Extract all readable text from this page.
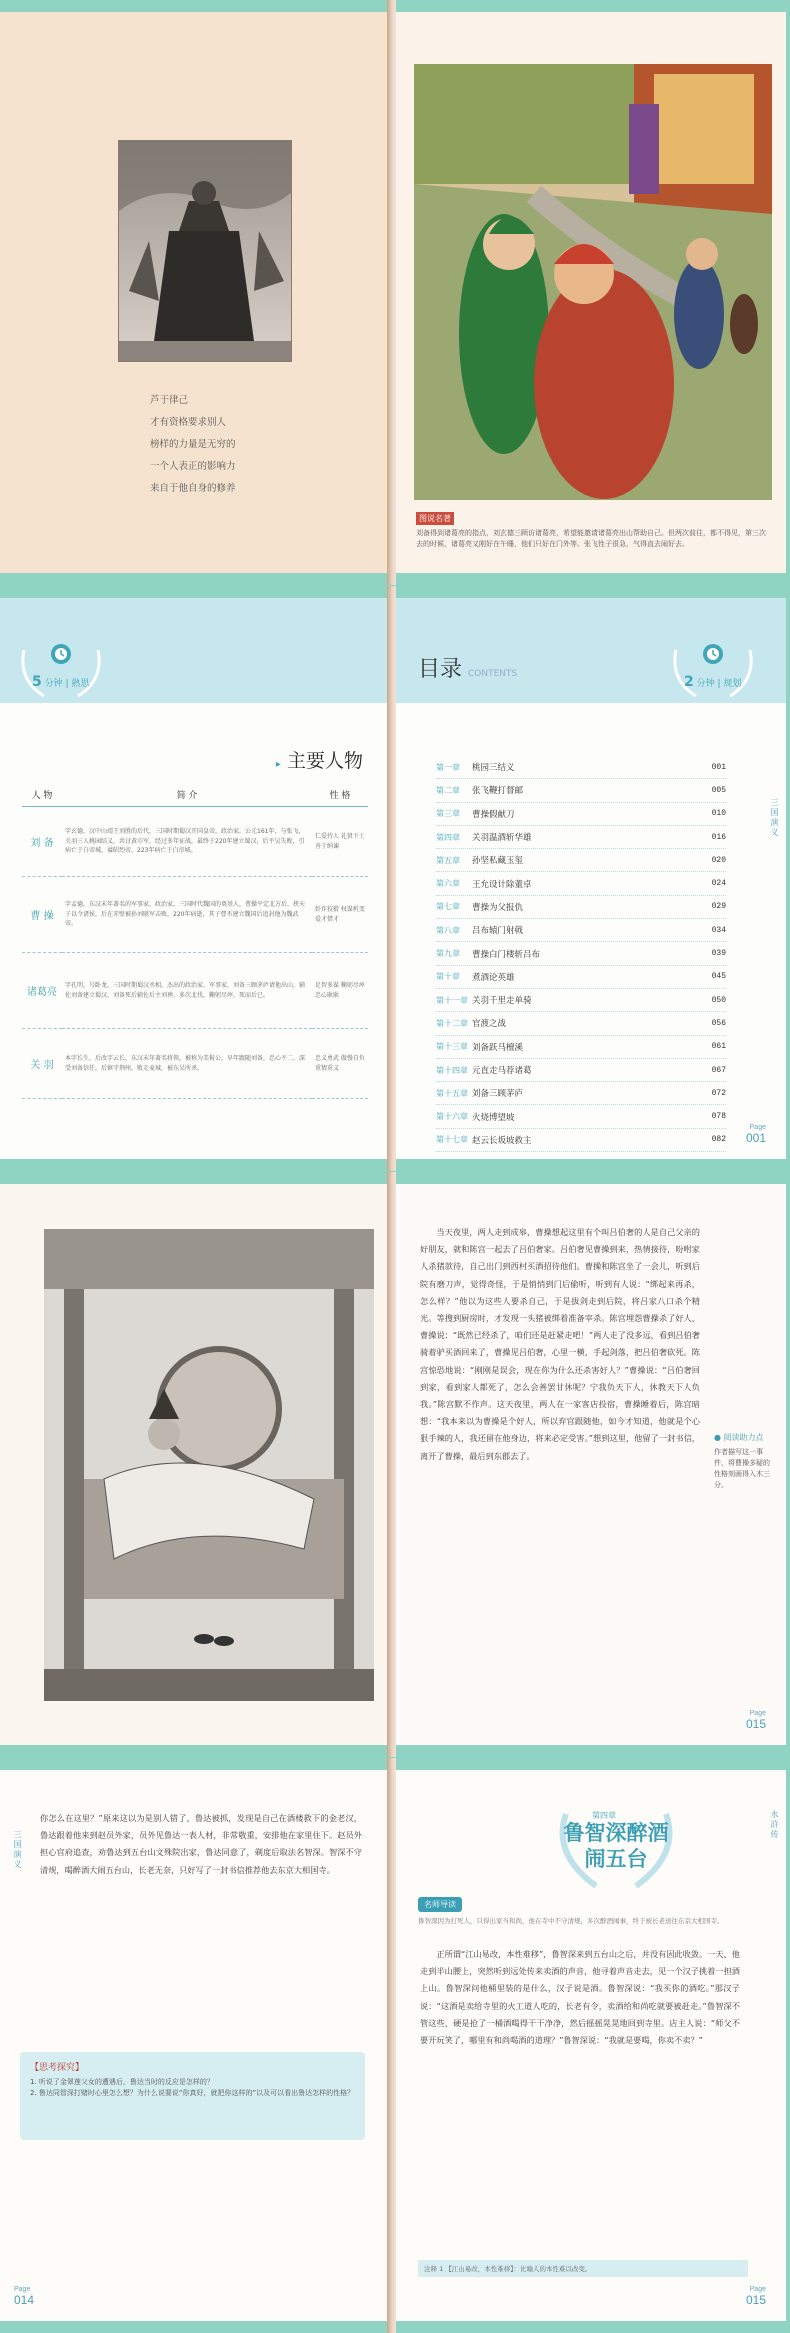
芦于律己
才有资格要求别人
榜样的力量是无穷的
一个人表正的影响力
来自于他自身的修养
图说名著

刘备得到诸葛亮的指点，刘玄德三顾访诸葛亮，希望能邀请诸葛亮出山帮助自己。但两次前往，都不得见，第三次去的时候，诸葛亮又刚好在午睡，他们只好在门外等。张飞性子很急，气得直去闹好去。

5 分钟 | 熟思
▸ 主要人物
人 物	简 介	性 格
刘 备	字玄德，汉中山靖王刘胜的后代，三国时期蜀汉开国皇帝，政治家。公元161年，与张飞、关羽三人桃园结义，共讨黄巾军，经过多年征战，最终于220年建立蜀汉，后平吴失败，引病亡于白帝城，谥昭烈帝，223年病亡于白帝城。	仁爱待人 礼贤下士 善于纳谏
曹 操	字孟德，东汉末年著名的军事家、政治家，三国时代魏国的奠基人，曹操平定北方后，挟天子以令诸侯，后在赤壁被孙刘联军击败，220年病逝，其子曹丕建立魏国后追封他为魏武帝。	奸诈狡猾 权谋机变 爱才惜才
诸葛亮	字孔明，号卧龙，三国时期蜀汉丞相，杰出的政治家、军事家，刘备三顾茅庐请他出山，辅佐刘备建立蜀汉，刘备死后辅佐后主刘禅，多次北伐，鞠躬尽瘁，死而后已。	足智多谋 鞠躬尽瘁 忠心耿耿
关 羽	本字长生，后改字云长，东汉末年著名将领，被称为美髯公，早年跟随刘备，忠心不二，深受刘备信任，后镇守荆州，败走麦城，被东吴所杀。	忠义勇武 傲慢自负 重情重义
目录 CONTENTS	2 分钟 | 规划
第一章	桃园三结义	001
第二章	张飞鞭打督邮	005
第三章	曹操假献刀	010
第四章	关羽温酒斩华雄	016
第五章	孙坚私藏玉玺	020
第六章	王允设计除董卓	024
第七章	曹操为父报仇	029
第八章	吕布辕门射戟	034
第九章	曹操白门楼斩吕布	039
第十章	煮酒论英雄	045
第十一章 关羽千里走单骑	050
第十二章 官渡之战	056
第十三章 刘备跃马檀溪	061
第十四章 元直走马荐诸葛	067
第十五章 刘备三顾茅庐	072
第十六章 火烧博望坡	078
第十七章 赵云长坂坡救主	082
三国演义
Page
001

当天夜里，两人走到成皋，曹操想起这里有个叫吕伯奢的人是自己父亲的好朋友，就和陈宫一起去了吕伯奢家。吕伯奢见曹操到来，热情接待，吩咐家人杀猪款待，自己出门到西村买酒招待他们。曹操和陈宫坐了一会儿，听到后院有磨刀声，觉得奇怪，于是悄悄到门后偷听，听到有人说：“绑起来再杀，怎么样？”他以为这些人要杀自己，于是拔剑走到后院，将吕家八口杀个精光。等搜到厨房时，才发现一头猪被绑着准备宰杀。陈宫埋怨曹操杀了好人，曹操说：“既然已经杀了，咱们还是赶紧走吧！”两人走了没多远，看到吕伯奢骑着驴买酒回来了，曹操见吕伯奢，心里一横，手起剑落，把吕伯奢砍死。陈宫惊恐地说：“刚刚是误会，现在你为什么还杀害好人？”曹操说：“吕伯奢回到家，看到家人都死了，怎么会善罢甘休呢？宁我负天下人，休教天下人负我。”陈宫默不作声。这天夜里，两人在一家客店投宿，曹操睡着后，陈宫暗想：“我本来以为曹操是个好人，所以弃官跟随他，如今才知道，他就是个心狠手辣的人，我还留在他身边，将来必定受害。”想到这里，他留了一封书信，离开了曹操，最后到东郡去了。

● 阅读助力点

作者描写这一事件，将曹操多疑的性格刻画得入木三分。

Page
015

你怎么在这里？”原来这以为是别人错了，鲁达被抓，发现是自己在酒楼救下的金老汉，鲁达跟着他来到赵员外家，员外见鲁达一表人材，非常敬重，安排他在家里住下。赵员外担心官府追查，劝鲁达到五台山文殊院出家，鲁达同意了，剃度后取法名智深。智深不守清规，喝醉酒大闹五台山，长老无奈，只好写了一封书信推荐他去东京大相国寺。

三国演义
【思考探究】

1. 听说了金翠莲父女的遭遇后，鲁达当时的反应是怎样的？

2. 鲁达同智深打赌时心里怎么想？为什么说要说“你真好，就把你这样的”以及可以看出鲁达怎样的性格？

Page
014
第四章
鲁智深醉酒闹五台
水浒传
名师导读

鲁智深因为打死人，只得出家当和尚，他在寺中不守清规，多次醉酒闹事，终于被长老送往东京大相国寺。

正所谓“江山易改，本性难移”，鲁智深来到五台山之后，并没有因此收敛。一天，他走到半山腰上，突然听到远处传来卖酒的声音，他寻着声音走去，见一个汉子挑着一担酒上山。鲁智深问他桶里装的是什么，汉子说是酒。鲁智深说：“我买你的酒吃。”那汉子说：“这酒是卖给寺里的火工道人吃的，长老有令，卖酒给和尚吃就要被赶走。”鲁智深不管这些，硬是抢了一桶酒喝得干干净净，然后摇摇晃晃地回到寺里。店主人说：“师父不要开玩笑了，哪里有和尚喝酒的道理？”鲁智深说：“我就是要喝，你卖不卖？”

注释 1 【江山易改，本性难移】：比喻人的本性难以改变。
Page
015
